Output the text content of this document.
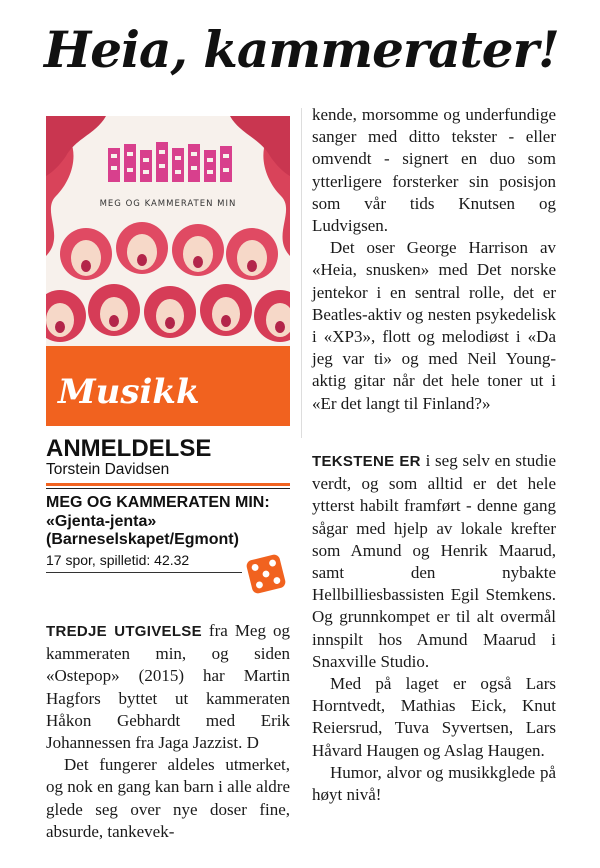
Heia, kammerater!
MEG OG KAMMERATEN MIN
Musikk
ANMELDELSE
Torstein Davidsen
MEG OG KAMMERATEN MIN: «Gjenta-jenta» (Barneselskapet/Egmont)
17 spor, spilletid: 42.32

TREDJE UTGIVELSE fra Meg og kammeraten min, og siden «Ostepop» (2015) har Martin Hagfors byttet ut kammeraten Håkon Gebhardt med Erik Johannessen fra Jaga Jazzist. D

Det fungerer aldeles utmerket, og nok en gang kan barn i alle aldre glede seg over nye doser fine, absurde, tankevek-

kende, morsomme og underfundige sanger med ditto tekster - eller omvendt - signert en duo som ytterligere forsterker sin posisjon som vår tids Knutsen og Ludvigsen.

Det oser George Harrison av «Heia, snusken» med Det norske jentekor i en sentral rolle, det er Beatles-aktiv og nesten psykedelisk i «XP3», flott og melodiøst i «Da jeg var ti» og med Neil Young-aktig gitar når det hele toner ut i «Er det langt til Finland?»

TEKSTENE ER i seg selv en studie verdt, og som alltid er det hele ytterst habilt framført - denne gang sågar med hjelp av lokale krefter som Amund og Henrik Maarud, samt den nybakte Hellbilliesbassisten Egil Stemkens. Og grunnkompet er til alt overmål innspilt hos Amund Maarud i Snaxville Studio.

Med på laget er også Lars Horntvedt, Mathias Eick, Knut Reiersrud, Tuva Syvertsen, Lars Håvard Haugen og Aslag Haugen.

Humor, alvor og musikkglede på høyt nivå!
